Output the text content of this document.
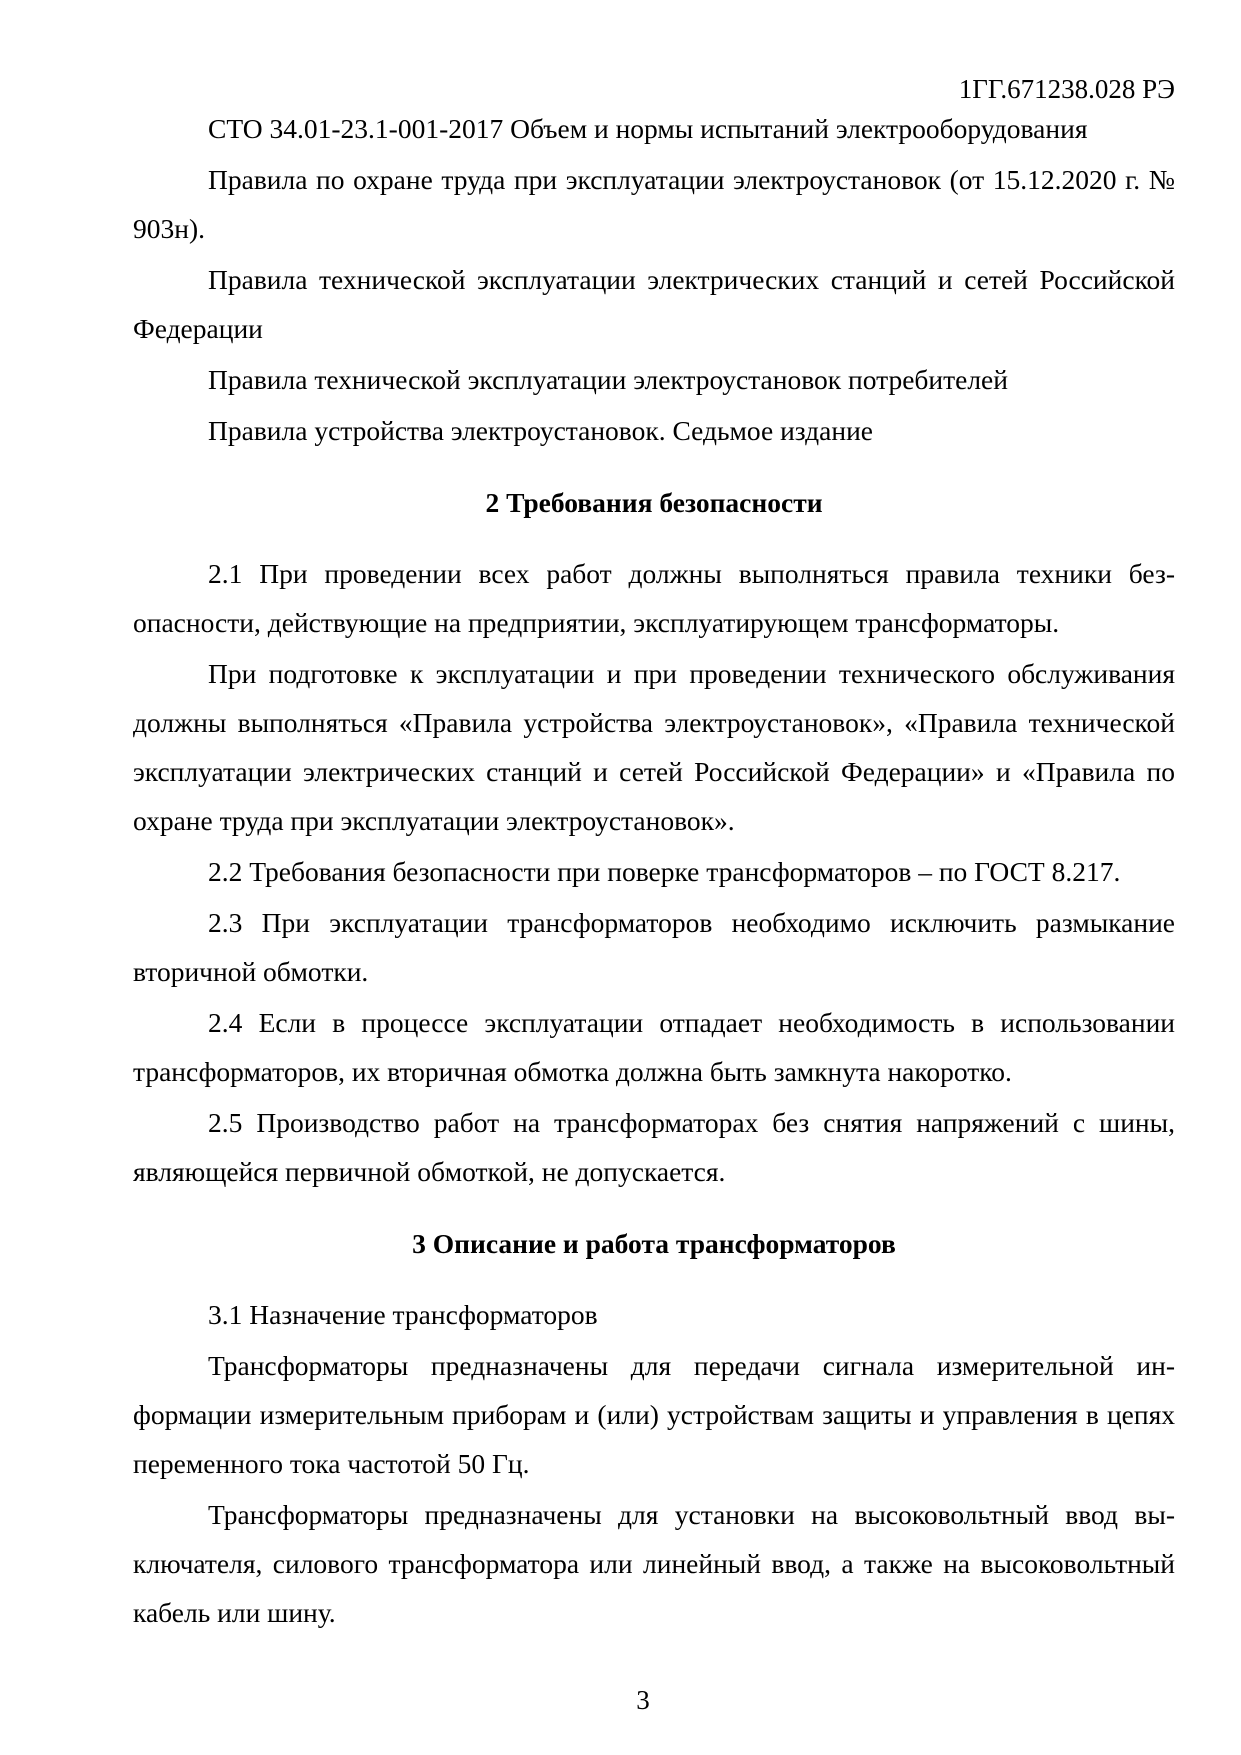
1ГГ.671238.028 РЭ

СТО 34.01-23.1-001-2017 Объем и нормы испытаний электрооборудования

Правила по охране труда при эксплуатации электроустановок (от 15.12.2020 г. № 903н).

Правила технической эксплуатации электрических станций и сетей Российской Федерации

Правила технической эксплуатации электроустановок потребителей

Правила устройства электроустановок. Седьмое издание

2 Требования безопасности

2.1 При проведении всех работ должны выполняться правила техники безопасности, действующие на предприятии, эксплуатирующем трансформаторы.

При подготовке к эксплуатации и при проведении технического обслуживания должны выполняться «Правила устройства электроустановок», «Правила технической эксплуатации электрических станций и сетей Российской Федерации» и «Правила по охране труда при эксплуатации электроустановок».

2.2 Требования безопасности при поверке трансформаторов – по ГОСТ 8.217.

2.3 При эксплуатации трансформаторов необходимо исключить размыкание вторичной обмотки.

2.4 Если в процессе эксплуатации отпадает необходимость в использовании трансформаторов, их вторичная обмотка должна быть замкнута накоротко.

2.5 Производство работ на трансформаторах без снятия напряжений с шины, являющейся первичной обмоткой, не допускается.

3 Описание и работа трансформаторов

3.1 Назначение трансформаторов

Трансформаторы предназначены для передачи сигнала измерительной информации измерительным приборам и (или) устройствам защиты и управления в цепях переменного тока частотой 50 Гц.

Трансформаторы предназначены для установки на высоковольтный ввод выключателя, силового трансформатора или линейный ввод, а также на высоковольтный кабель или шину.

3
